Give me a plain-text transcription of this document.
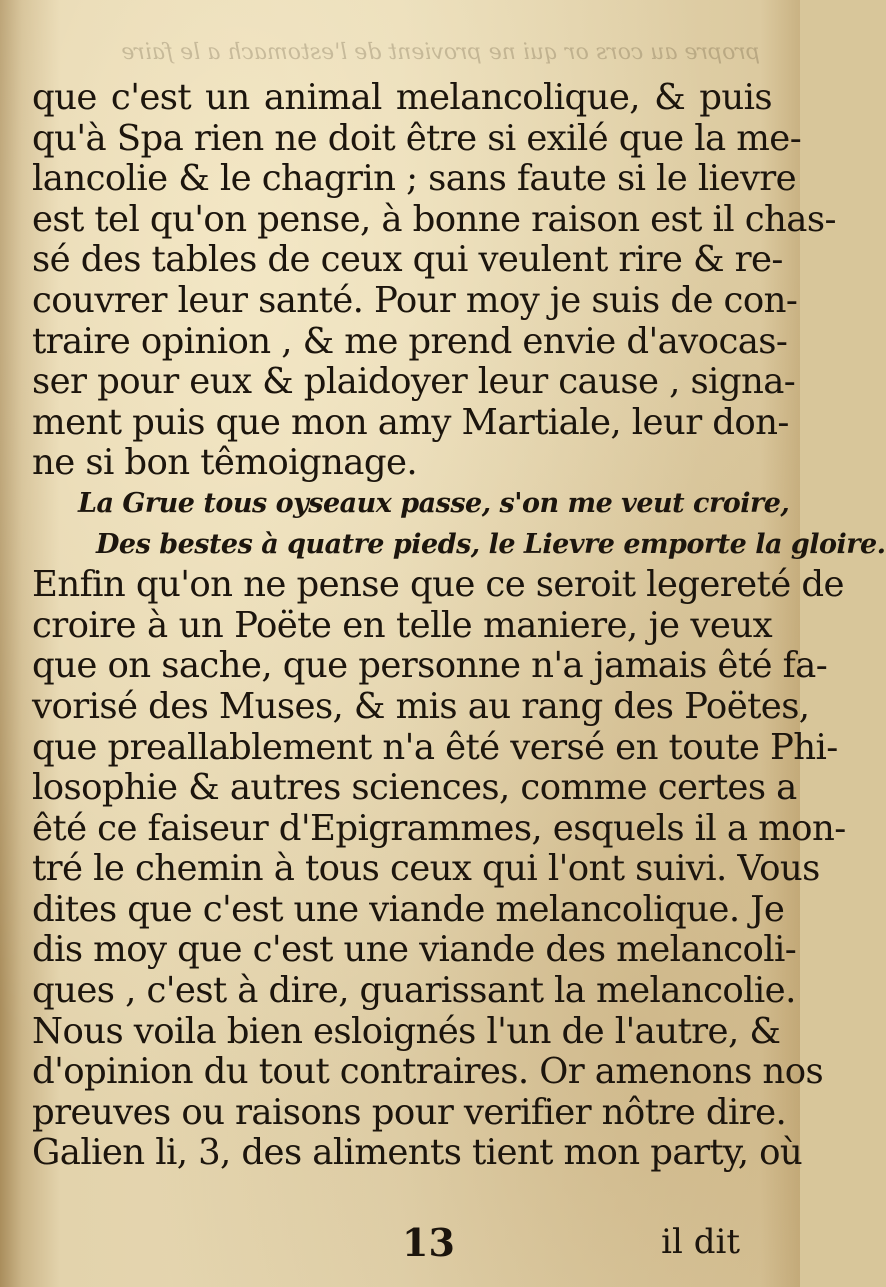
propre au cors or qui ne provient de l'estomach a le faire
que c'est un animal melancolique, & puis
qu'à Spa rien ne doit être si exilé que la me-
lancolie & le chagrin ; sans faute si le lievre
est tel qu'on pense, à bonne raison est il chas-
sé des tables de ceux qui veulent rire & re-
couvrer leur santé. Pour moy je suis de con-
traire opinion , & me prend envie d'avocas-
ser pour eux & plaidoyer leur cause , signa-
ment puis que mon amy Martiale, leur don-
ne si bon têmoignage.
La Grue tous oyseaux passe, s'on me veut croire,
Des bestes à quatre pieds, le Lievre emporte la gloire.
Enfin qu'on ne pense que ce seroit legereté de
croire à un Poëte en telle maniere, je veux
que on sache, que personne n'a jamais êté fa-
vorisé des Muses, & mis au rang des Poëtes,
que preallablement n'a êté versé en toute Phi-
losophie & autres sciences, comme certes a
êté ce faiseur d'Epigrammes, esquels il a mon-
tré le chemin à tous ceux qui l'ont suivi. Vous
dites que c'est une viande melancolique. Je
dis moy que c'est une viande des melancoli-
ques , c'est à dire, guarissant la melancolie.
Nous voila bien esloignés l'un de l'autre, &
d'opinion du tout contraires. Or amenons nos
preuves ou raisons pour verifier nôtre dire.
Galien li, 3, des aliments tient mon party, où
13	il dit
